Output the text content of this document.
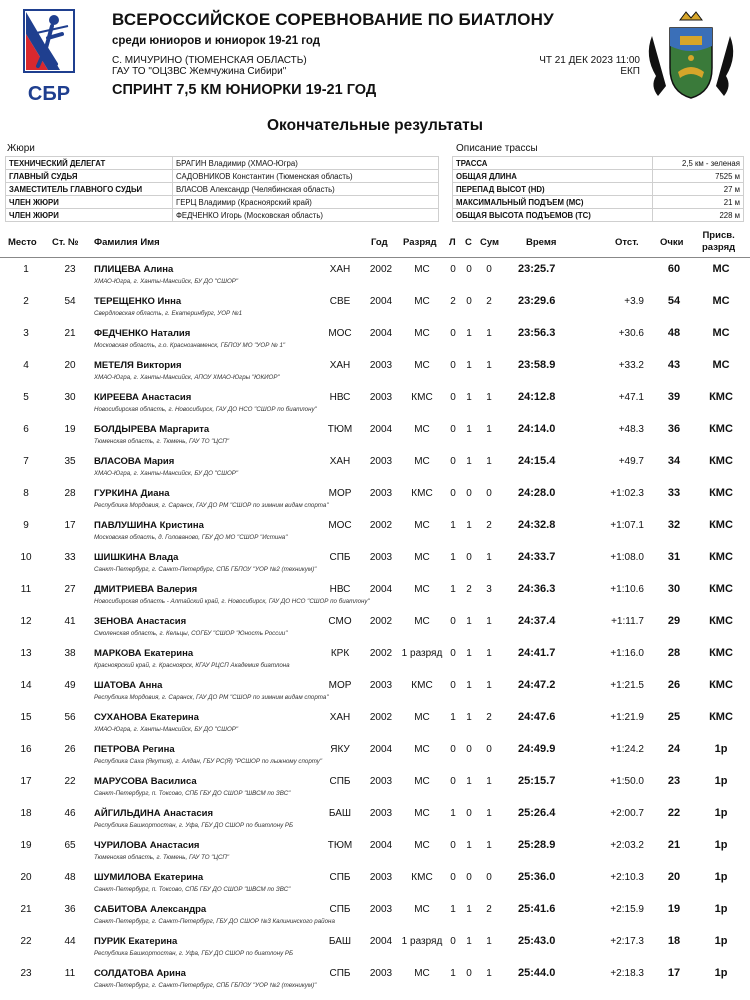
СБР
ВСЕРОССИЙСКОЕ СОРЕВНОВАНИЕ ПО БИАТЛОНУ
среди юниоров и юниорок 19-21 год
С. МИЧУРИНО (ТЮМЕНСКАЯ ОБЛАСТЬ)
ГАУ ТО "ОЦЗВС Жемчужина Сибири"
СПРИНТ 7,5 КМ ЮНИОРКИ 19-21 ГОД
ЧТ 21 ДЕК 2023 11:00
ЕКП
Окончательные результаты
Жюри	Описание трассы
ТЕХНИЧЕСКИЙ ДЕЛЕГАТ	БРАГИН Владимир (ХМАО-Югра)
ГЛАВНЫЙ СУДЬЯ	САДОВНИКОВ Константин (Тюменская область)
ЗАМЕСТИТЕЛЬ ГЛАВНОГО СУДЬИ	ВЛАСОВ Александр (Челябинская область)
ЧЛЕН ЖЮРИ	ГЕРЦ Владимир (Красноярский край)
ЧЛЕН ЖЮРИ	ФЕДЧЕНКО Игорь (Московская область)
ТРАССА	2,5 км - зеленая
ОБЩАЯ ДЛИНА	7525 м
ПЕРЕПАД ВЫСОТ (HD)	27 м
МАКСИМАЛЬНЫЙ ПОДЪЕМ (MC)	21 м
ОБЩАЯ ВЫСОТА ПОДЪЕМОВ (TC)	228 м
Место Ст. № Фамилия Имя	Год Разряд Л С Сум	Время	Отст. Очки
Присв.
разряд
1	23	ПЛИЦЕВА Алина
ХМАО-Югра, г. Ханты-Мансийск, БУ ДО "СШОР"
ХАН	2002	МС	0	0	0	23:25.7	60	МС
2	54	ТЕРЕЩЕНКО Инна
Свердловская область, г. Екатеринбург, УОР №1
СВЕ	2004	МС	2	0	2	23:29.6	+3.9	54	МС
3	21	ФЕДЧЕНКО Наталия
Московская область, г.о. Краснознаменск, ГБПОУ МО "УОР № 1"
МОС	2004	МС	0	1	1	23:56.3	+30.6	48	МС
4	20	МЕТЕЛЯ Виктория
ХМАО-Югра, г. Ханты-Мансийск, АПОУ ХМАО-Югры "ЮКИОР"
ХАН	2003	МС	0	1	1	23:58.9	+33.2	43	МС
5	30	КИРЕЕВА Анастасия
Новосибирская область, г. Новосибирск, ГАУ ДО НСО "СШОР по биатлону"
НВС	2003	КМС	0	1	1	24:12.8	+47.1	39	КМС
6	19	БОЛДЫРЕВА Маргарита
Тюменская область, г. Тюмень, ГАУ ТО "ЦСП"
ТЮМ	2004	МС	0	1	1	24:14.0	+48.3	36	КМС
7	35	ВЛАСОВА Мария
ХМАО-Югра, г. Ханты-Мансийск, БУ ДО "СШОР"
ХАН	2003	МС	0	1	1	24:15.4	+49.7	34	КМС
8	28	ГУРКИНА Диана
Республика Мордовия, г. Саранск, ГАУ ДО РМ "СШОР по зимним видам спорта"
МОР	2003	КМС	0	0	0	24:28.0	+1:02.3	33	КМС
9	17	ПАВЛУШИНА Кристина
Московская область, д. Голованово, ГБУ ДО МО "СШОР "Истина"
МОС	2002	МС	1	1	2	24:32.8	+1:07.1	32	КМС
10	33	ШИШКИНА Влада
Санкт-Петербург, г. Санкт-Петербург, СПБ ГБПОУ "УОР №2 (техникум)"
СПБ	2003	МС	1	0	1	24:33.7	+1:08.0	31	КМС
11	27	ДМИТРИЕВА Валерия
Новосибирская область - Алтайский край, г. Новосибирск, ГАУ ДО НСО "СШОР по биатлону"
НВС	2004	МС	1	2	3	24:36.3	+1:10.6	30	КМС
12	41	ЗЕНОВА Анастасия
Смоленская область, г. Кельцы, СОГБУ "СШОР "Юность России"
СМО	2002	МС	0	1	1	24:37.4	+1:11.7	29	КМС
13	38	МАРКОВА Екатерина
Красноярский край, г. Красноярск, КГАУ РЦСП Академия биатлона
КРК	2002 1 разряд 0	1	1	24:41.7	+1:16.0	28	КМС
14	49	ШАТОВА Анна
Республика Мордовия, г. Саранск, ГАУ ДО РМ "СШОР по зимним видам спорта"
МОР	2003	КМС	0	1	1	24:47.2	+1:21.5	26	КМС
15	56	СУХАНОВА Екатерина
ХМАО-Югра, г. Ханты-Мансийск, БУ ДО "СШОР"
ХАН	2002	МС	1	1	2	24:47.6	+1:21.9	25	КМС
16	26	ПЕТРОВА Регина
Республика Саха (Якутия), г. Алдан, ГБУ РС(Я) "РСШОР по лыжному спорту"
ЯКУ	2004	МС	0	0	0	24:49.9	+1:24.2	24	1р
17	22	МАРУСОВА Василиса
Санкт-Петербург, п. Токсово, СПБ ГБУ ДО СШОР "ШВСМ по ЗВС"
СПБ	2003	МС	0	1	1	25:15.7	+1:50.0	23	1р
18	46	АЙГИЛЬДИНА Анастасия
Республика Башкортостан, г. Уфа, ГБУ ДО СШОР по биатлону РБ
БАШ	2003	МС	1	0	1	25:26.4	+2:00.7	22	1р
19	65	ЧУРИЛОВА Анастасия
Тюменская область, г. Тюмень, ГАУ ТО "ЦСП"
ТЮМ	2004	МС	0	1	1	25:28.9	+2:03.2	21	1р
20	48	ШУМИЛОВА Екатерина
Санкт-Петербург, п. Токсово, СПБ ГБУ ДО СШОР "ШВСМ по ЗВС"
СПБ	2003	КМС	0	0	0	25:36.0	+2:10.3	20	1р
21	36	САБИТОВА Александра
Санкт-Петербург, г. Санкт-Петербург, ГБУ ДО СШОР №3 Калининского района
СПБ	2003	МС	1	1	2	25:41.6	+2:15.9	19	1р
22	44	ПУРИК Екатерина
Республика Башкортостан, г. Уфа, ГБУ ДО СШОР по биатлону РБ
БАШ	2004 1 разряд 0	1	1	25:43.0	+2:17.3	18	1р
23	11	СОЛДАТОВА Арина
Санкт-Петербург, г. Санкт-Петербург, СПБ ГБПОУ "УОР №2 (техникум)"
СПБ	2003	МС	1	0	1	25:44.0	+2:18.3	17	1р
